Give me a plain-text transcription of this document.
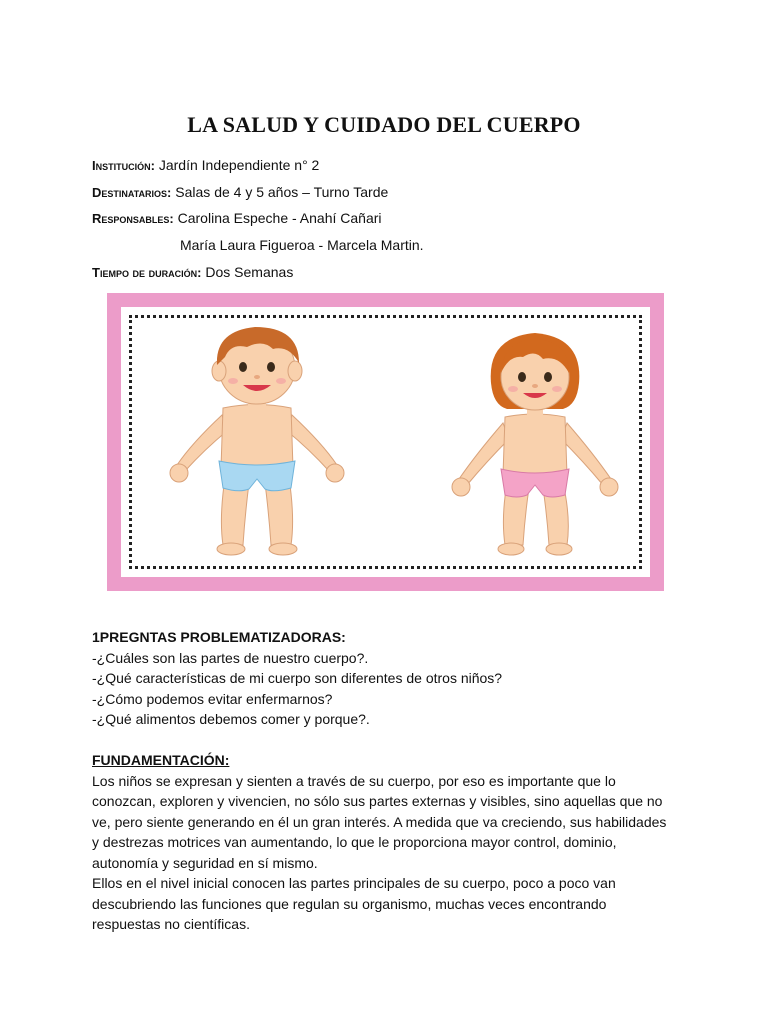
LA SALUD Y CUIDADO DEL CUERPO
Institución: Jardín Independiente n° 2
Destinatarios: Salas de 4 y 5 años – Turno Tarde
Responsables: Carolina Espeche - Anahí Cañari
María Laura Figueroa - Marcela Martin.
Tiempo de duración: Dos Semanas

1PREGNTAS PROBLEMATIZADORAS:

-¿Cuáles son las partes de nuestro cuerpo?.

-¿Qué características de mi cuerpo son diferentes de otros niños?

-¿Cómo podemos evitar enfermarnos?

-¿Qué alimentos debemos comer y porque?.

FUNDAMENTACIÓN:

Los niños se expresan y sienten a través de su cuerpo, por eso es importante que lo

conozcan, exploren y vivencien, no sólo sus partes externas y visibles, sino aquellas que no

ve, pero siente generando en él un gran interés. A medida que va creciendo, sus habilidades

y destrezas motrices van aumentando, lo que le proporciona mayor control, dominio,

autonomía y seguridad en sí mismo.

Ellos en el nivel inicial conocen las partes principales de su cuerpo, poco a poco van

descubriendo las funciones que regulan su organismo, muchas veces encontrando

respuestas no científicas.
